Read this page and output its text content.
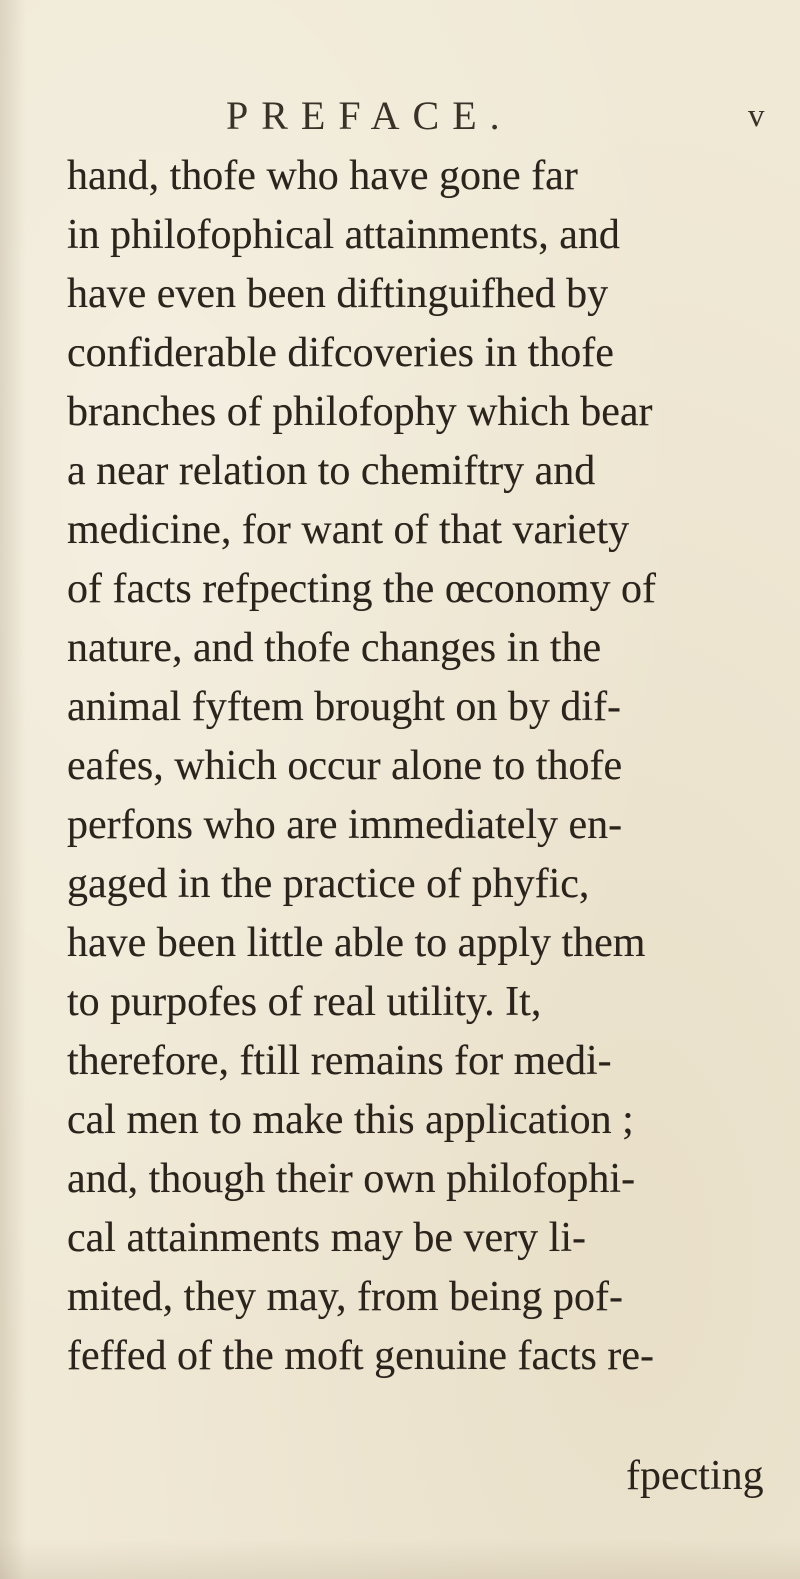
PREFACE.	v
hand, thofe who have gone far
in philofophical attainments, and
have even been diftinguifhed by
confiderable difcoveries in thofe
branches of philofophy which bear
a near relation to chemiftry and
medicine, for want of that variety
of facts refpecting the œconomy of
nature, and thofe changes in the
animal fyftem brought on by dif-
eafes, which occur alone to thofe
perfons who are immediately en-
gaged in the practice of phyfic,
have been little able to apply them
to purpofes of real utility. It,
therefore, ftill remains for medi-
cal men to make this application ;
and, though their own philofophi-
cal attainments may be very li-
mited, they may, from being pof-
feffed of the moft genuine facts re-
fpecting
